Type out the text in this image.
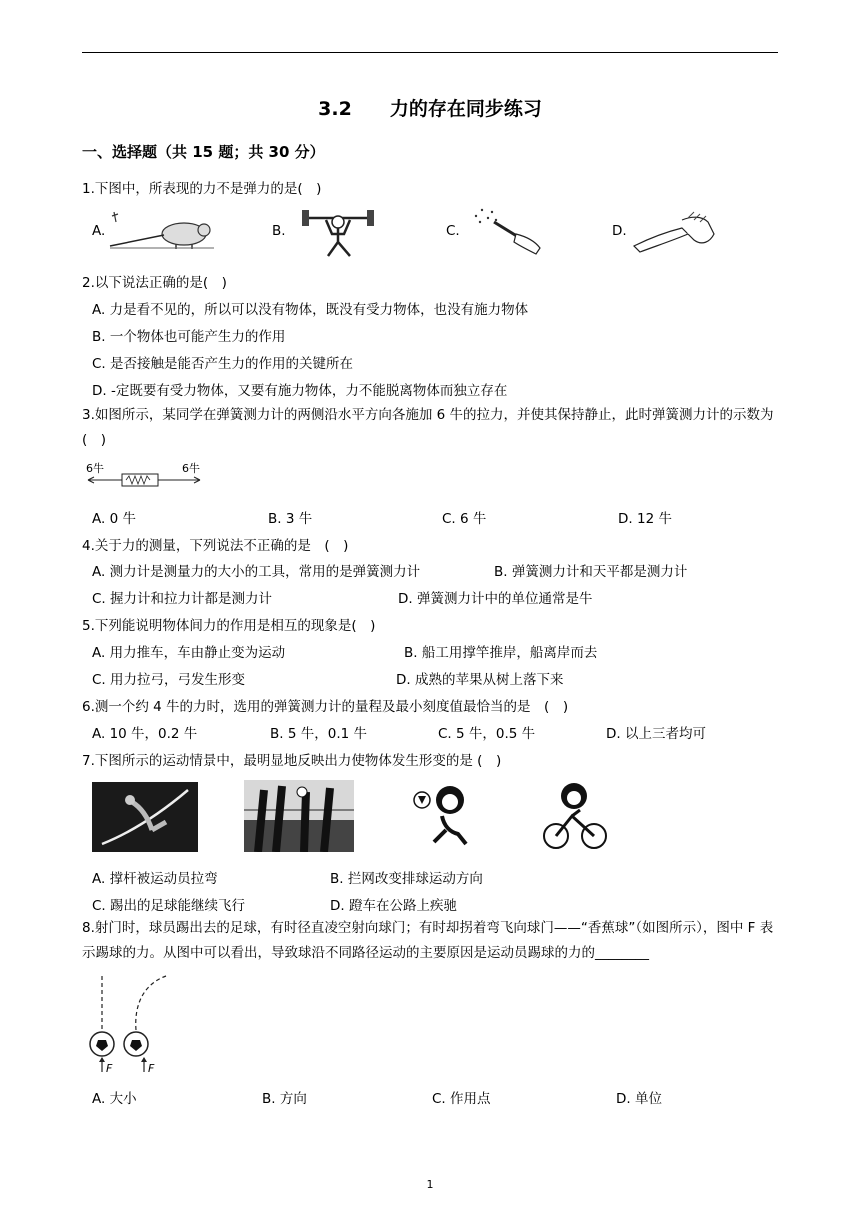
3.2　　力的存在同步练习
一、选择题（共 15 题；共 30 分）
1.下图中，所表现的力不是弹力的是(　)
A.	B.	C.	D.
2.以下说法正确的是(　)
A. 力是看不见的，所以可以没有物体，既没有受力物体，也没有施力物体
B. 一个物体也可能产生力的作用
C. 是否接触是能否产生力的作用的关键所在
D. -定既要有受力物体，又要有施力物体，力不能脱离物体而独立存在
3.如图所示，某同学在弹簧测力计的两侧沿水平方向各施加 6 牛的拉力，并使其保持静止，此时弹簧测力计的示数为　(　)
6牛	6牛
A. 0 牛	B. 3 牛	C. 6 牛	D. 12 牛
4.关于力的测量，下列说法不正确的是　(　)
A. 测力计是测量力的大小的工具，常用的是弹簧测力计	B. 弹簧测力计和天平都是测力计
C. 握力计和拉力计都是测力计	D. 弹簧测力计中的单位通常是牛
5.下列能说明物体间力的作用是相互的现象是(　)
A. 用力推车，车由静止变为运动	B. 船工用撑竿推岸，船离岸而去
C. 用力拉弓，弓发生形变	D. 成熟的苹果从树上落下来
6.测一个约 4 牛的力时，选用的弹簧测力计的量程及最小刻度值最恰当的是　(　)
A. 10 牛，0.2 牛	B. 5 牛，0.1 牛	C. 5 牛，0.5 牛	D. 以上三者均可
7.下图所示的运动情景中，最明显地反映出力使物体发生形变的是 (　)
A. 撑杆被运动员拉弯	B. 拦网改变排球运动方向
C. 踢出的足球能继续飞行	D. 蹬车在公路上疾驰
8.射门时，球员踢出去的足球，有时径直凌空射向球门；有时却拐着弯飞向球门——“香蕉球”（如图所示），图中 F 表示踢球的力。从图中可以看出，导致球沿不同路径运动的主要原因是运动员踢球的力的________
F	F
A. 大小	B. 方向	C. 作用点	D. 单位
1
